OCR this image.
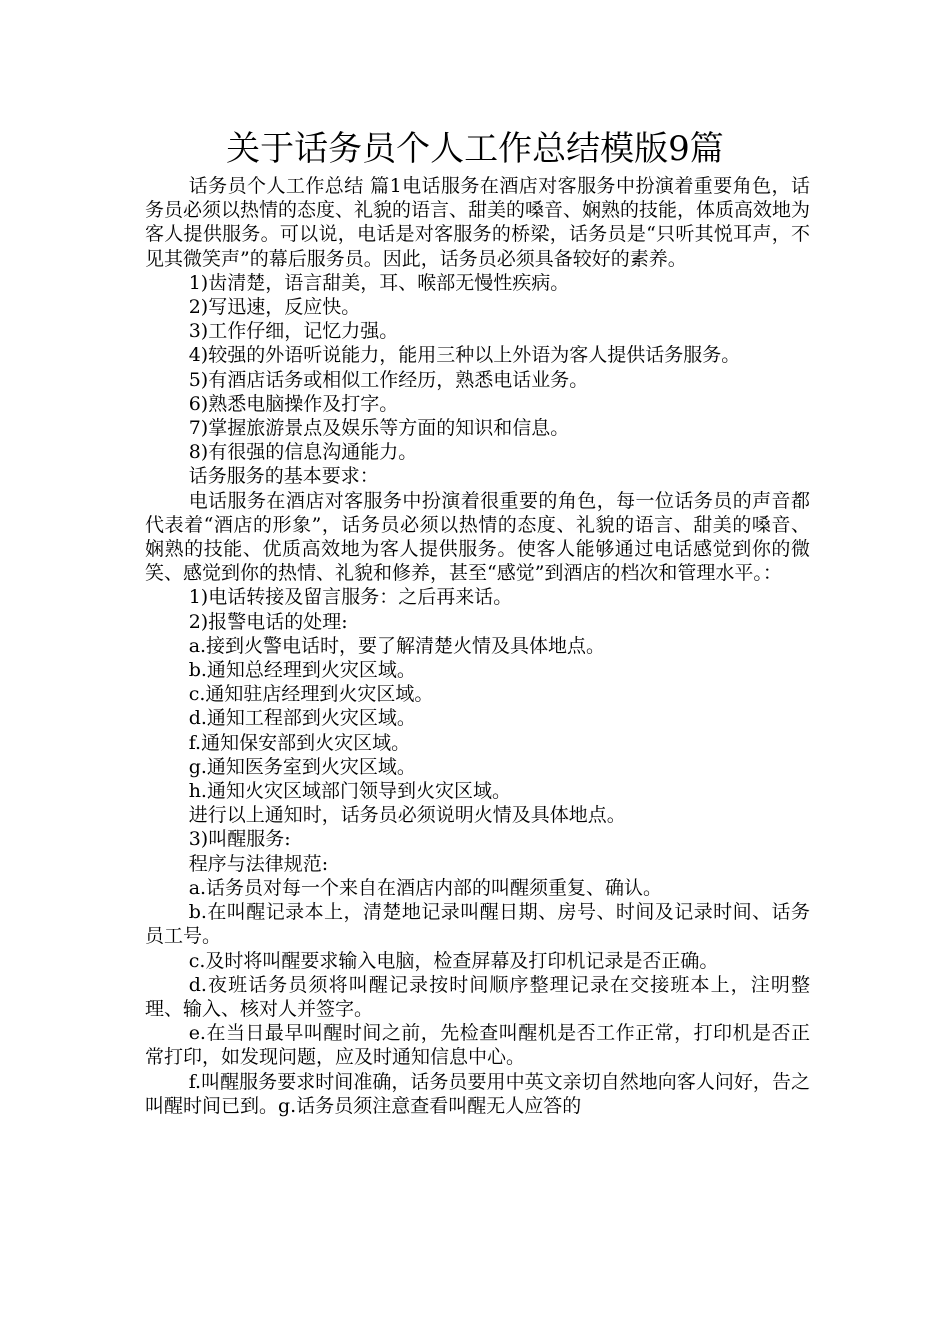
关于话务员个人工作总结模版9篇

话务员个人工作总结 篇1电话服务在酒店对客服务中扮演着重要角色，话务员必须以热情的态度、礼貌的语言、甜美的嗓音、娴熟的技能，体质高效地为客人提供服务。可以说，电话是对客服务的桥梁，话务员是“只听其悦耳声，不见其微笑声”的幕后服务员。因此，话务员必须具备较好的素养。

1)齿清楚，语言甜美，耳、喉部无慢性疾病。

2)写迅速，反应快。

3)工作仔细，记忆力强。

4)较强的外语听说能力，能用三种以上外语为客人提供话务服务。

5)有酒店话务或相似工作经历，熟悉电话业务。

6)熟悉电脑操作及打字。

7)掌握旅游景点及娱乐等方面的知识和信息。

8)有很强的信息沟通能力。

话务服务的基本要求：

电话服务在酒店对客服务中扮演着很重要的角色，每一位话务员的声音都代表着“酒店的形象”，话务员必须以热情的态度、礼貌的语言、甜美的嗓音、娴熟的技能、优质高效地为客人提供服务。使客人能够通过电话感觉到你的微笑、感觉到你的热情、礼貌和修养，甚至“感觉”到酒店的档次和管理水平。：

1)电话转接及留言服务：之后再来话。

2)报警电话的处理:

a.接到火警电话时，要了解清楚火情及具体地点。

b.通知总经理到火灾区域。

c.通知驻店经理到火灾区域。

d.通知工程部到火灾区域。

f.通知保安部到火灾区域。

g.通知医务室到火灾区域。

h.通知火灾区域部门领导到火灾区域。

进行以上通知时，话务员必须说明火情及具体地点。

3)叫醒服务:

程序与法律规范:

a.话务员对每一个来自在酒店内部的叫醒须重复、确认。

b.在叫醒记录本上，清楚地记录叫醒日期、房号、时间及记录时间、话务员工号。

c.及时将叫醒要求输入电脑，检查屏幕及打印机记录是否正确。

d.夜班话务员须将叫醒记录按时间顺序整理记录在交接班本上，注明整理、输入、核对人并签字。

e.在当日最早叫醒时间之前，先检查叫醒机是否工作正常，打印机是否正常打印，如发现问题，应及时通知信息中心。

f.叫醒服务要求时间准确，话务员要用中英文亲切自然地向客人问好，告之叫醒时间已到。g.话务员须注意查看叫醒无人应答的
